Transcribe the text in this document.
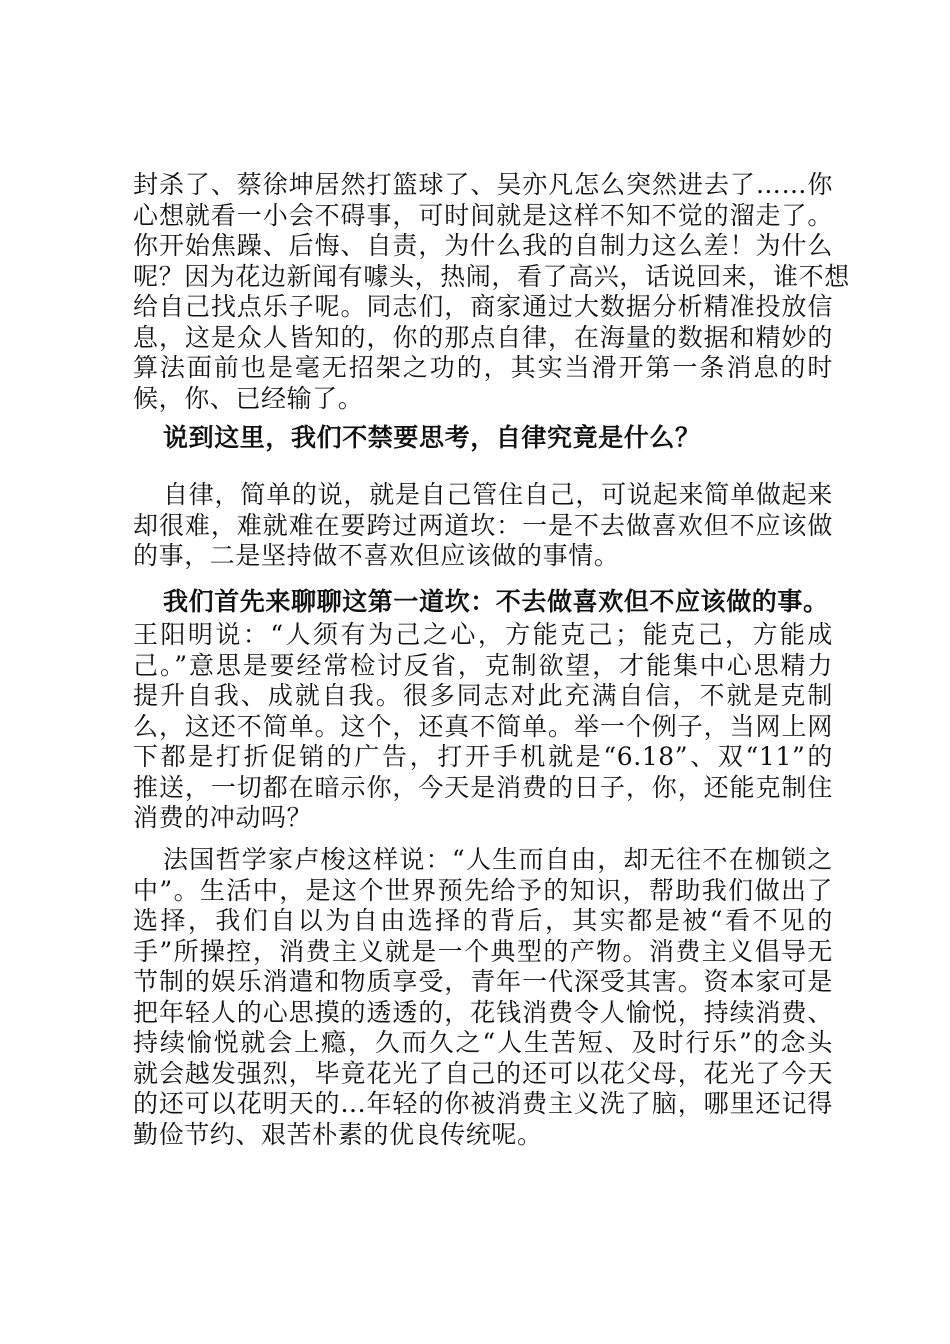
封杀了、蔡徐坤居然打篮球了、吴亦凡怎么突然进去了……你
心想就看一小会不碍事，可时间就是这样不知不觉的溜走了。
你开始焦躁、后悔、自责，为什么我的自制力这么差！为什么
呢？因为花边新闻有噱头，热闹，看了高兴，话说回来，谁不想
给自己找点乐子呢。同志们，商家通过大数据分析精准投放信
息，这是众人皆知的，你的那点自律，在海量的数据和精妙的
算法面前也是毫无招架之功的，其实当滑开第一条消息的时
候，你、已经输了。
说到这里，我们不禁要思考，自律究竟是什么？
自律，简单的说，就是自己管住自己，可说起来简单做起来
却很难，难就难在要跨过两道坎：一是不去做喜欢但不应该做
的事，二是坚持做不喜欢但应该做的事情。
我们首先来聊聊这第一道坎：不去做喜欢但不应该做的事。
王阳明说：“人须有为己之心，方能克己；能克己，方能成
己。”意思是要经常检讨反省，克制欲望，才能集中心思精力
提升自我、成就自我。很多同志对此充满自信，不就是克制
么，这还不简单。这个，还真不简单。举一个例子，当网上网
下都是打折促销的广告，打开手机就是“6.18”、双“11”的
推送，一切都在暗示你，今天是消费的日子，你，还能克制住
消费的冲动吗？
法国哲学家卢梭这样说：“人生而自由，却无往不在枷锁之
中”。生活中，是这个世界预先给予的知识，帮助我们做出了
选择，我们自以为自由选择的背后，其实都是被“看不见的
手”所操控，消费主义就是一个典型的产物。消费主义倡导无
节制的娱乐消遣和物质享受，青年一代深受其害。资本家可是
把年轻人的心思摸的透透的，花钱消费令人愉悦，持续消费、
持续愉悦就会上瘾，久而久之“人生苦短、及时行乐”的念头
就会越发强烈，毕竟花光了自己的还可以花父母，花光了今天
的还可以花明天的...年轻的你被消费主义洗了脑，哪里还记得
勤俭节约、艰苦朴素的优良传统呢。
